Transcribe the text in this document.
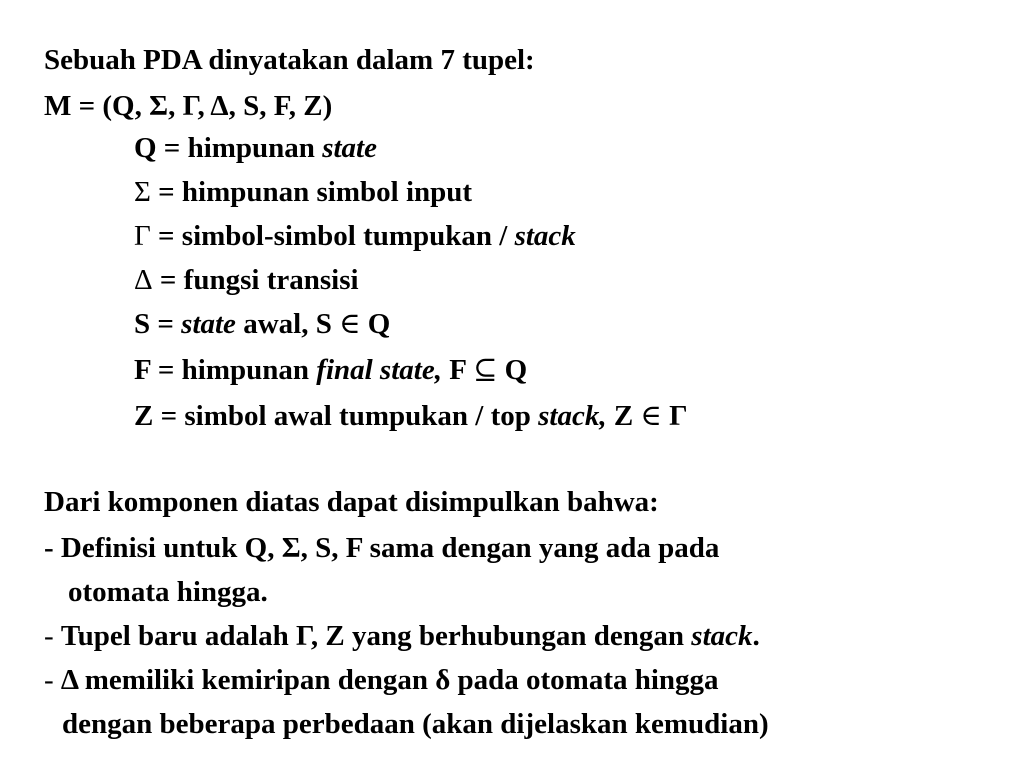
Sebuah PDA dinyatakan dalam 7 tupel:
M = (Q, Σ, Γ, Δ, S, F, Z)
Q = himpunan state
Σ = himpunan simbol input
Γ = simbol-simbol tumpukan / stack
Δ = fungsi transisi
S = state awal, S ∈ Q
F = himpunan final state, F ⊆ Q
Z = simbol awal tumpukan / top stack, Z ∈ Γ
Dari komponen diatas dapat disimpulkan bahwa:
- Definisi untuk Q, Σ, S, F sama dengan yang ada pada
otomata hingga.
- Tupel baru adalah Γ, Z yang berhubungan dengan stack.
- Δ memiliki kemiripan dengan δ pada otomata hingga
dengan beberapa perbedaan (akan dijelaskan kemudian)
